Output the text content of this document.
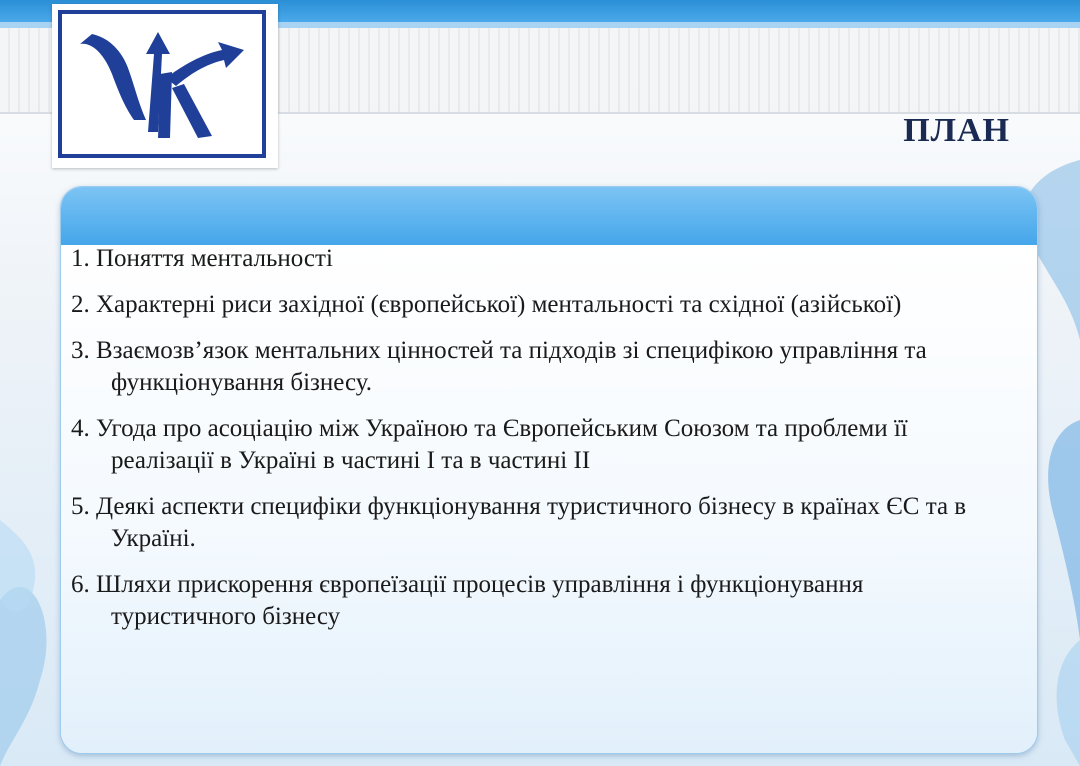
ПЛАН
1. Поняття ментальності
2. Характерні риси західної (європейської) ментальності та східної (азійської)
3. Взаємозв’язок ментальних цінностей та підходів зі специфікою управління та функціонування бізнесу.
4. Угода про асоціацію між Україною та Європейським Союзом та проблеми її реалізації в Україні в частині І та в частині ІІ
5. Деякі аспекти специфіки функціонування туристичного бізнесу в країнах ЄС та в Україні.
6. Шляхи прискорення європеїзації процесів управління і функціонування туристичного бізнесу
